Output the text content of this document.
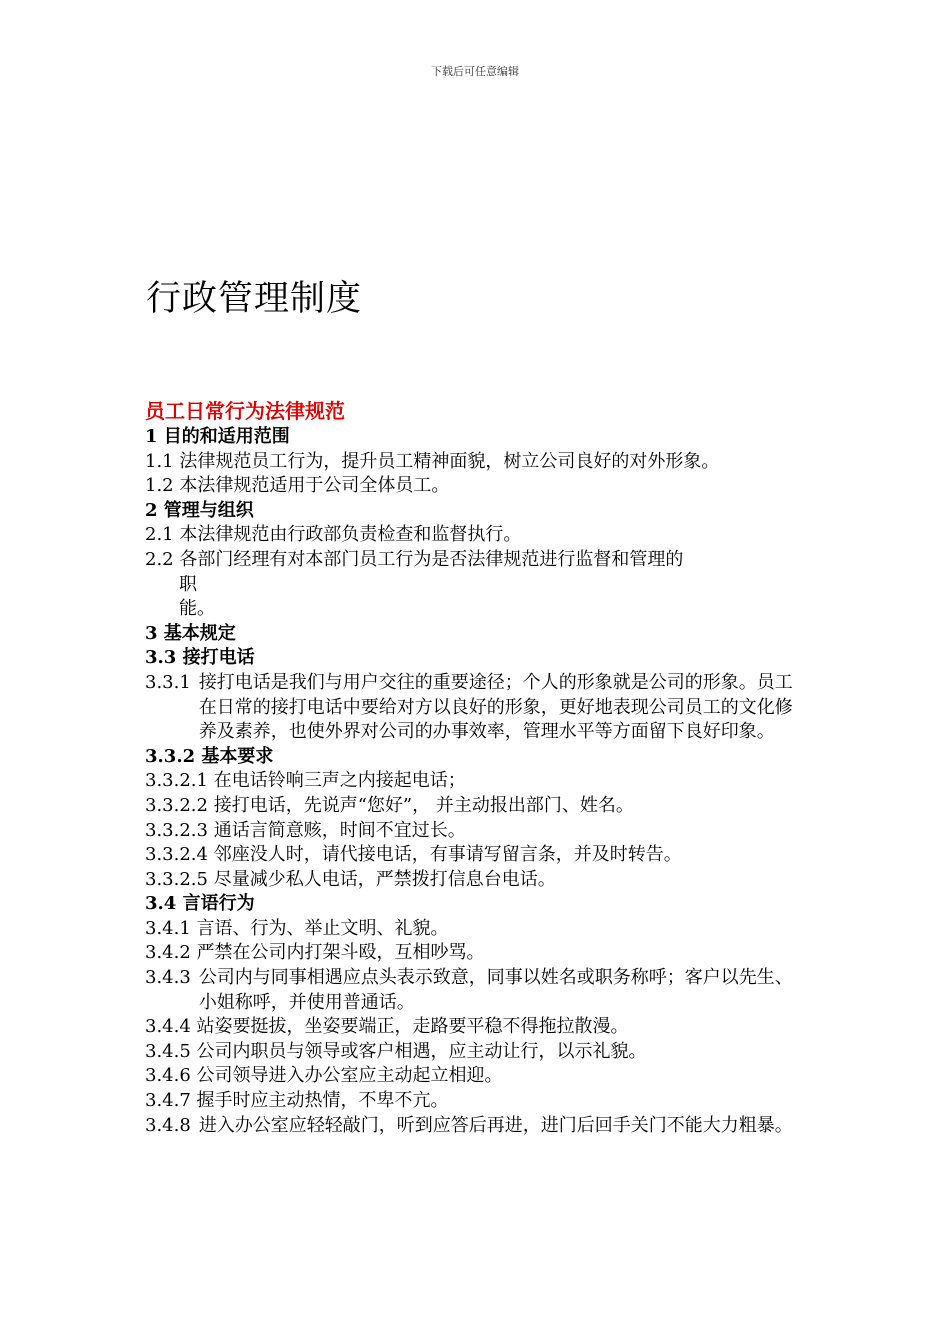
下载后可任意编辑
行政管理制度
员工日常行为法律规范
1 目的和适用范围
1.1 法律规范员工行为，提升员工精神面貌，树立公司良好的对外形象。
1.2 本法律规范适用于公司全体员工。
2 管理与组织
2.1 本法律规范由行政部负责检查和监督执行。
2.2 各部门经理有对本部门员工行为是否法律规范进行监督和管理的
职
能。
3 基本规定
3.3 接打电话
3.3.1 接打电话是我们与用户交往的重要途径；个人的形象就是公司的形象。员工在日常的接打电话中要给对方以良好的形象，更好地表现公司员工的文化修养及素养，也使外界对公司的办事效率，管理水平等方面留下良好印象。
3.3.2 基本要求
3.3.2.1 在电话铃响三声之内接起电话；
3.3.2.2 接打电话，先说声“您好”， 并主动报出部门、姓名。
3.3.2.3 通话言简意赅，时间不宜过长。
3.3.2.4 邻座没人时，请代接电话，有事请写留言条，并及时转告。
3.3.2.5 尽量减少私人电话，严禁拨打信息台电话。
3.4 言语行为
3.4.1 言语、行为、举止文明、礼貌。
3.4.2 严禁在公司内打架斗殴，互相吵骂。
3.4.3 公司内与同事相遇应点头表示致意，同事以姓名或职务称呼；客户以先生、小姐称呼，并使用普通话。
3.4.4 站姿要挺拔，坐姿要端正，走路要平稳不得拖拉散漫。
3.4.5 公司内职员与领导或客户相遇，应主动让行，以示礼貌。
3.4.6 公司领导进入办公室应主动起立相迎。
3.4.7 握手时应主动热情，不卑不亢。
3.4.8 进入办公室应轻轻敲门，听到应答后再进，进门后回手关门不能大力粗暴。
